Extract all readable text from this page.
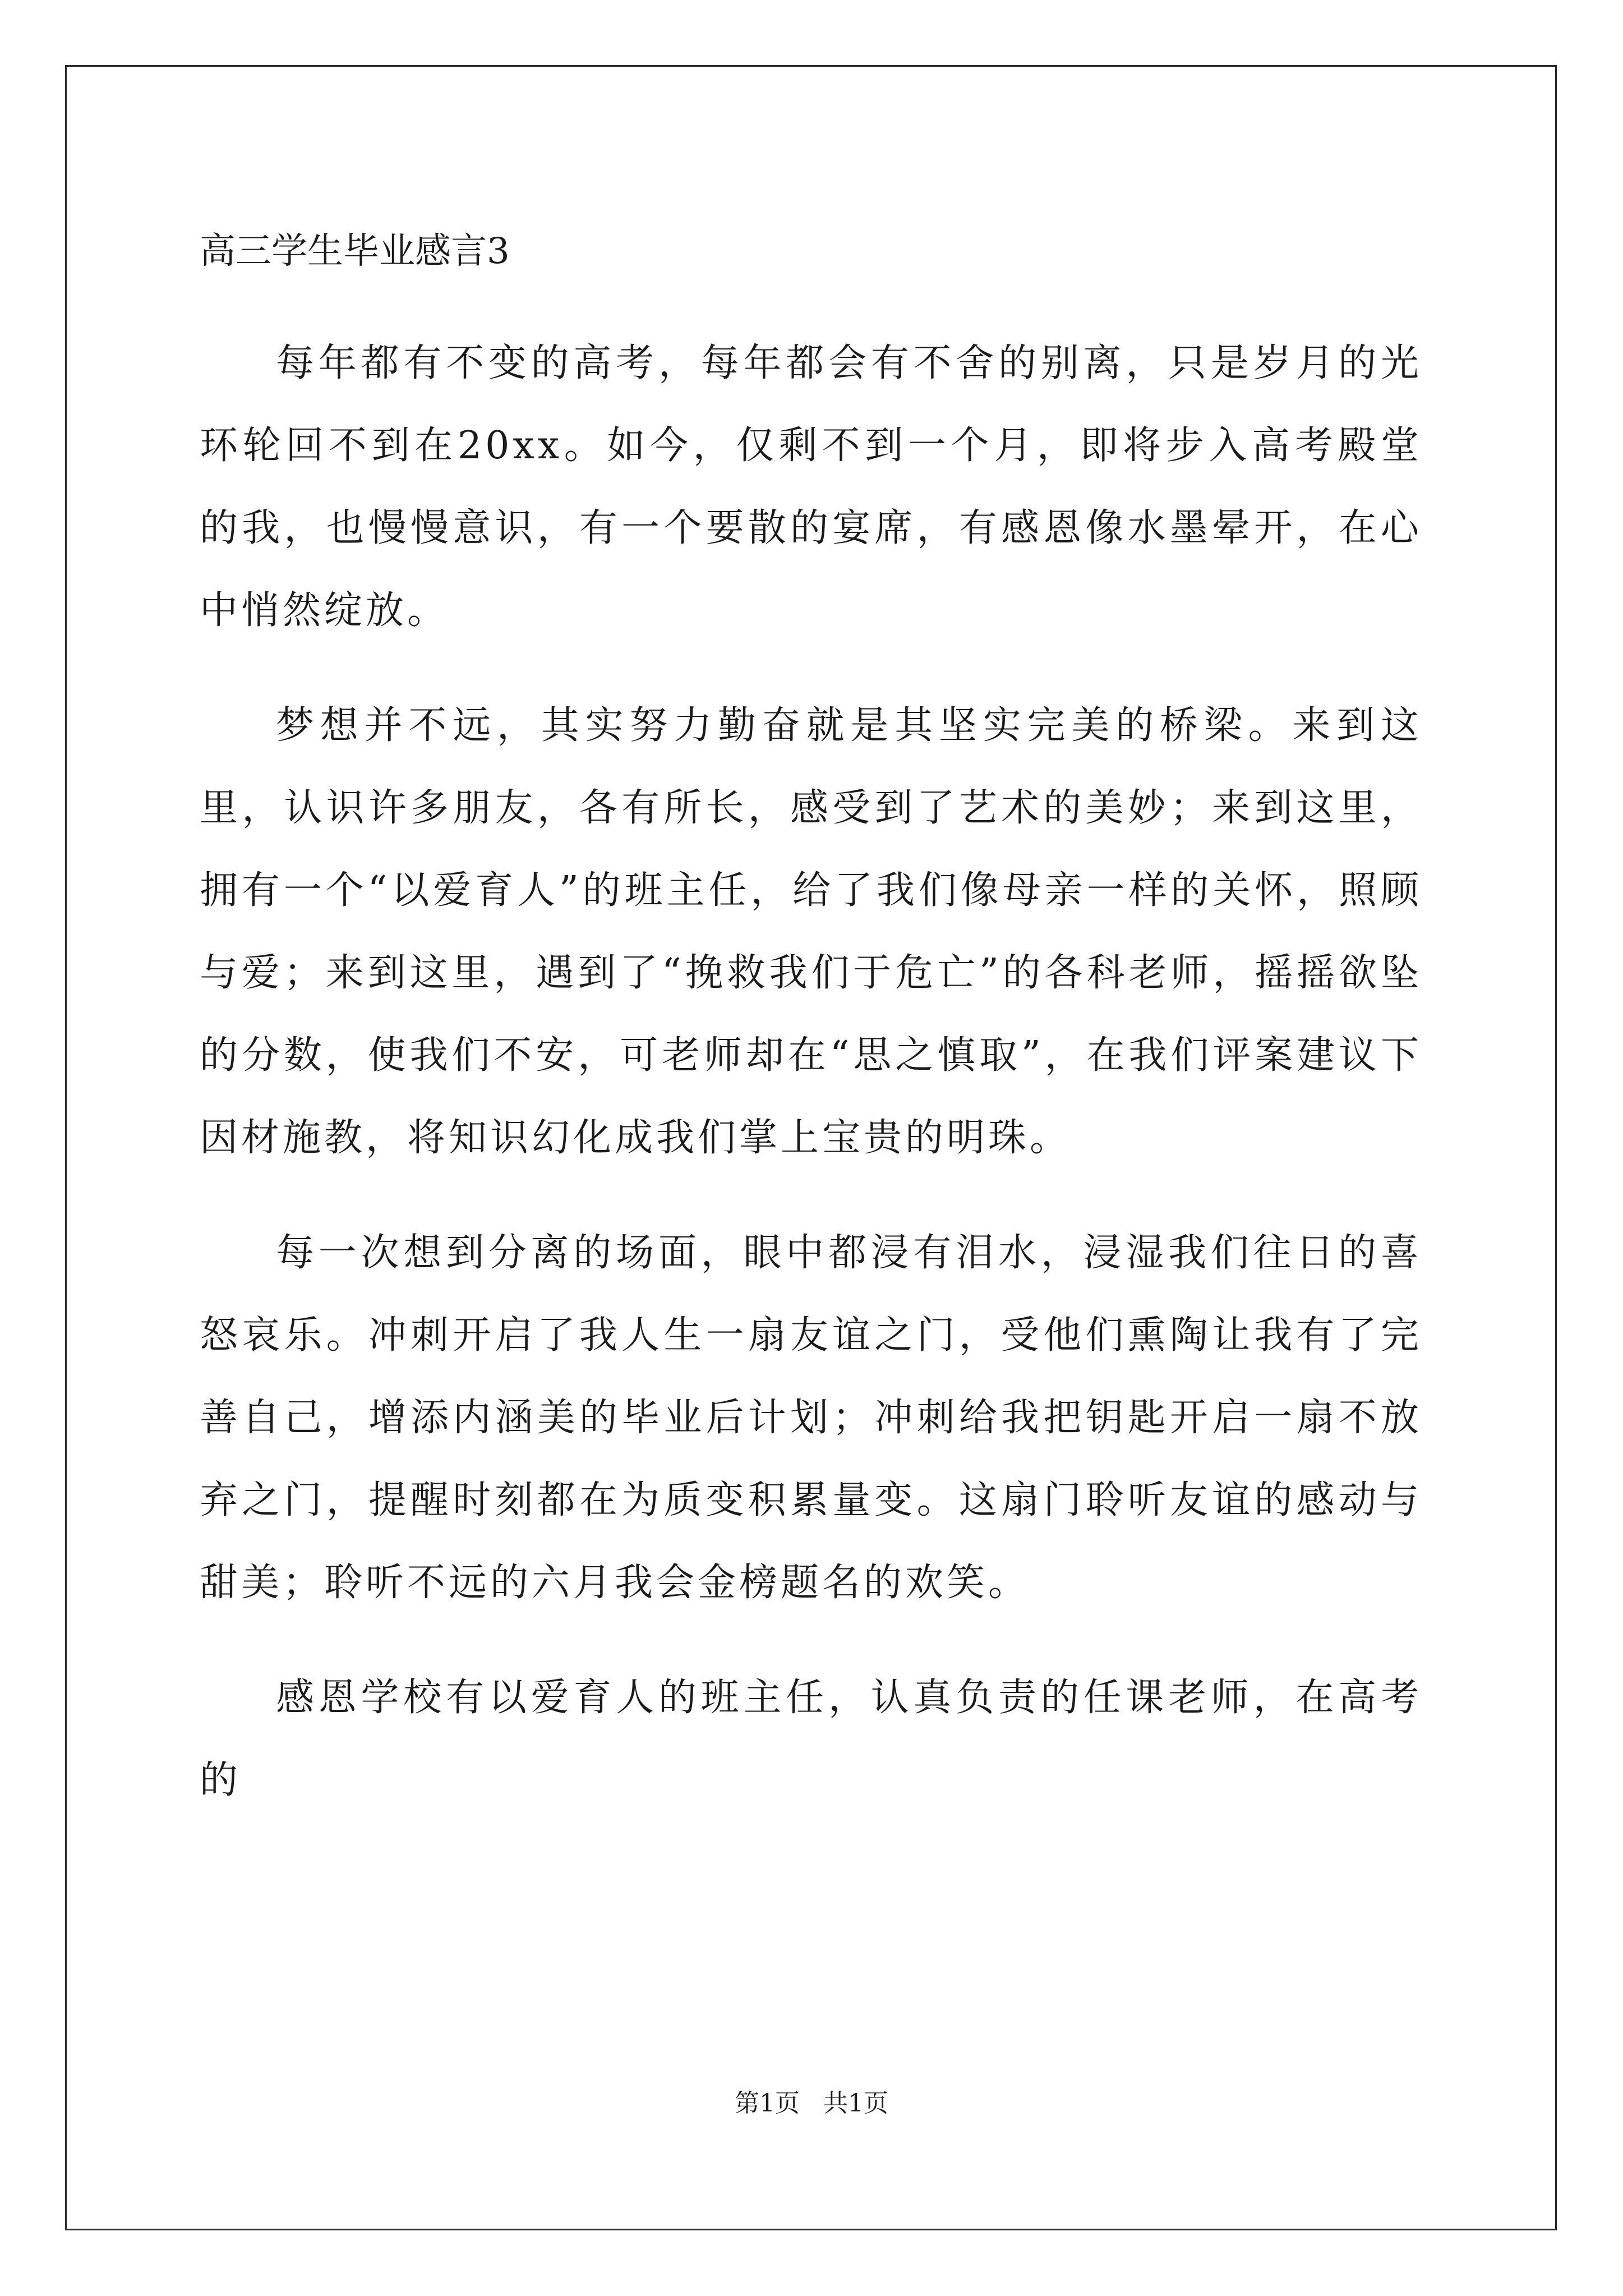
高三学生毕业感言3

每年都有不变的高考，每年都会有不舍的别离，只是岁月的光环轮回不到在20xx。如今，仅剩不到一个月，即将步入高考殿堂的我，也慢慢意识，有一个要散的宴席，有感恩像水墨晕开，在心中悄然绽放。

梦想并不远，其实努力勤奋就是其坚实完美的桥梁。来到这里，认识许多朋友，各有所长，感受到了艺术的美妙；来到这里，拥有一个“以爱育人”的班主任，给了我们像母亲一样的关怀，照顾与爱；来到这里，遇到了“挽救我们于危亡”的各科老师，摇摇欲坠的分数，使我们不安，可老师却在“思之慎取”，在我们评案建议下因材施教，将知识幻化成我们掌上宝贵的明珠。

每一次想到分离的场面，眼中都浸有泪水，浸湿我们往日的喜怒哀乐。冲刺开启了我人生一扇友谊之门，受他们熏陶让我有了完善自己，增添内涵美的毕业后计划；冲刺给我把钥匙开启一扇不放弃之门，提醒时刻都在为质变积累量变。这扇门聆听友谊的感动与甜美；聆听不远的六月我会金榜题名的欢笑。

感恩学校有以爱育人的班主任，认真负责的任课老师，在高考的

第1页   共1页
